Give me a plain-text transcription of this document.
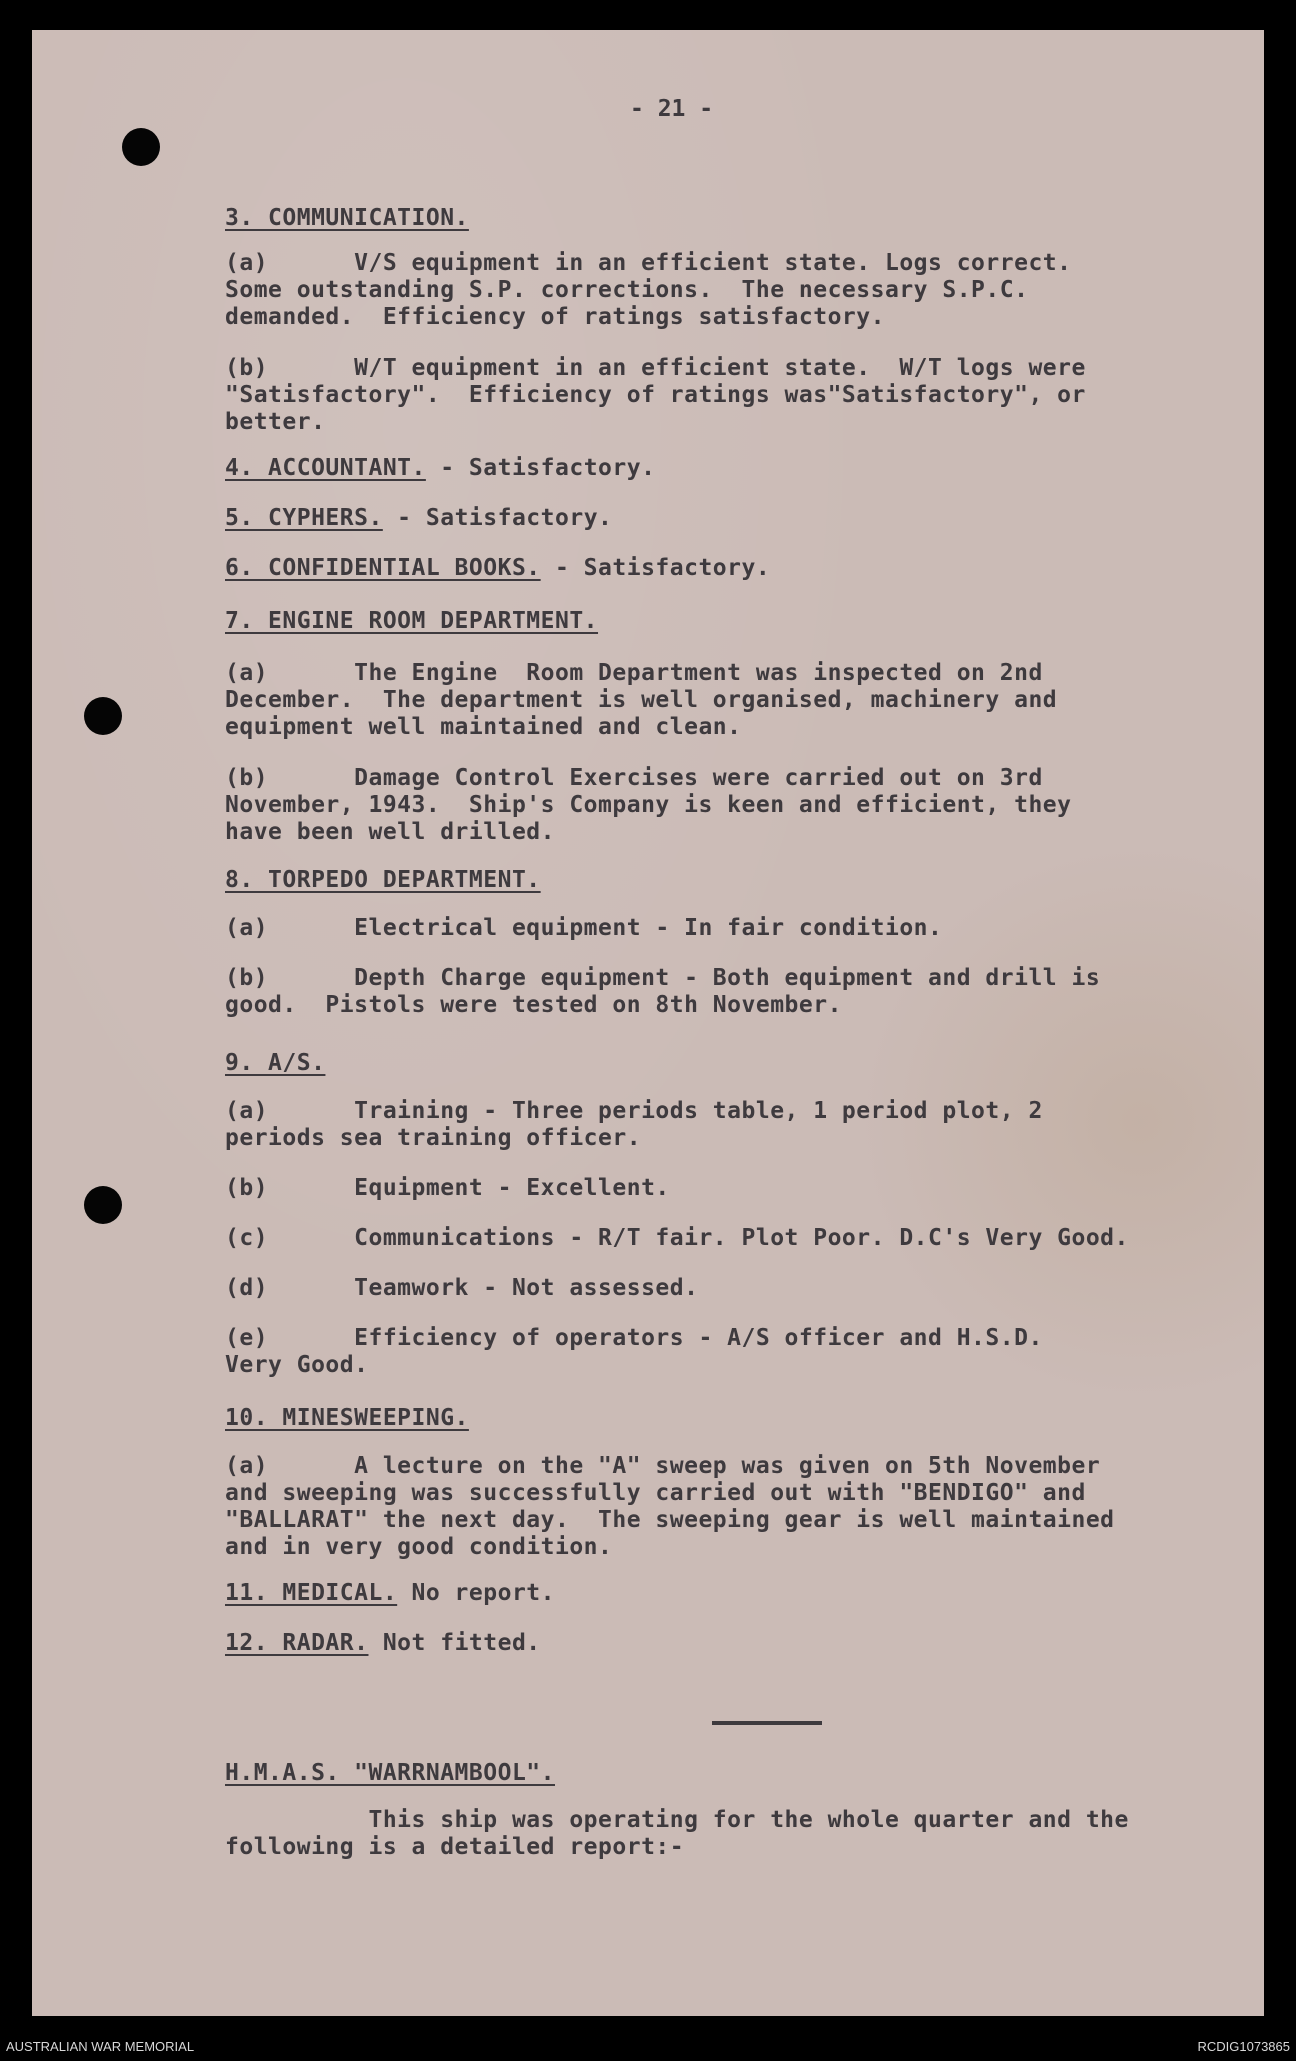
- 21 -
3. COMMUNICATION.
(a)      V/S equipment in an efficient state. Logs correct.
Some outstanding S.P. corrections.  The necessary S.P.C.
demanded.  Efficiency of ratings satisfactory.
(b)      W/T equipment in an efficient state.  W/T logs were
"Satisfactory".  Efficiency of ratings was"Satisfactory", or
better.
4. ACCOUNTANT. - Satisfactory.
5. CYPHERS. - Satisfactory.
6. CONFIDENTIAL BOOKS. - Satisfactory.
7. ENGINE ROOM DEPARTMENT.
(a)      The Engine  Room Department was inspected on 2nd
December.  The department is well organised, machinery and
equipment well maintained and clean.
(b)      Damage Control Exercises were carried out on 3rd
November, 1943.  Ship's Company is keen and efficient, they
have been well drilled.
8. TORPEDO DEPARTMENT.
(a)      Electrical equipment - In fair condition.
(b)      Depth Charge equipment - Both equipment and drill is
good.  Pistols were tested on 8th November.
9. A/S.
(a)      Training - Three periods table, 1 period plot, 2
periods sea training officer.
(b)      Equipment - Excellent.
(c)      Communications - R/T fair. Plot Poor. D.C's Very Good.
(d)      Teamwork - Not assessed.
(e)      Efficiency of operators - A/S officer and H.S.D.
Very Good.
10. MINESWEEPING.
(a)      A lecture on the "A" sweep was given on 5th November
and sweeping was successfully carried out with "BENDIGO" and
"BALLARAT" the next day.  The sweeping gear is well maintained
and in very good condition.
11. MEDICAL. No report.
12. RADAR. Not fitted.
H.M.A.S. "WARRNAMBOOL".
This ship was operating for the whole quarter and the
following is a detailed report:-
AUSTRALIAN WAR MEMORIAL	RCDIG1073865
